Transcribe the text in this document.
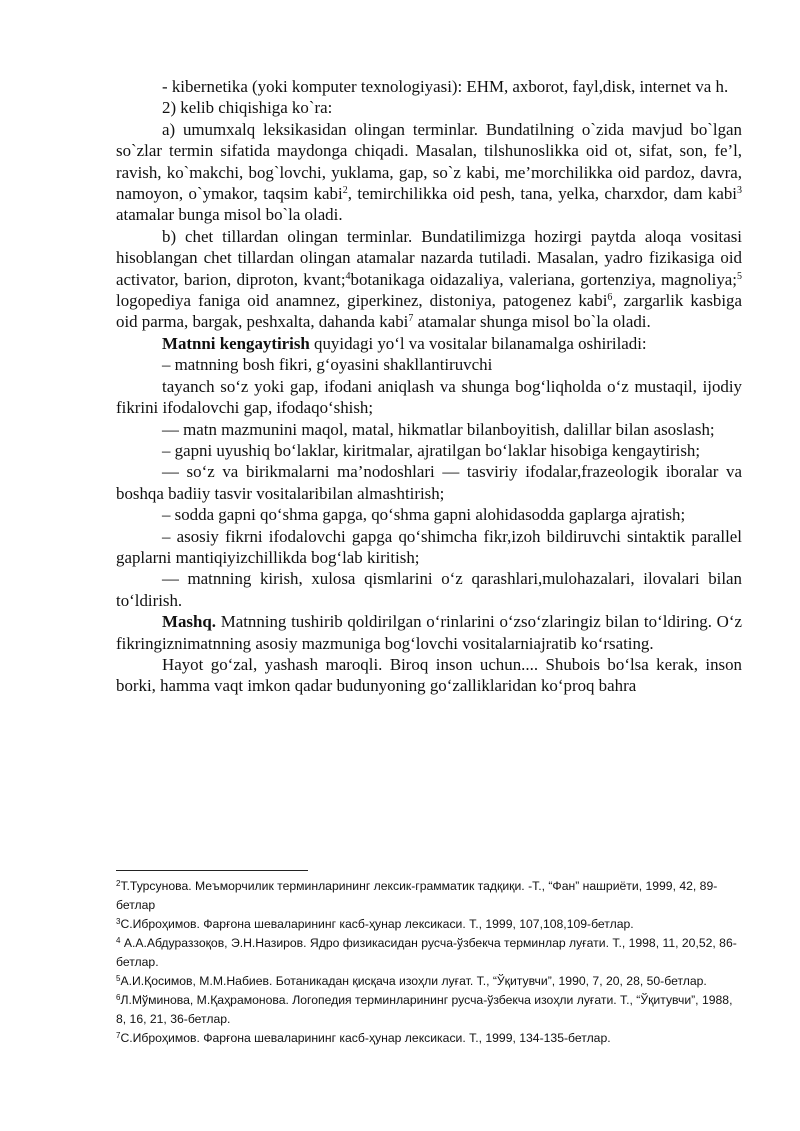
- kibernetika (yoki komputer texnologiyasi): EHM, axborot, fayl,disk, internet va h.

2) kelib chiqishiga ko`ra:

a) umumxalq leksikasidan olingan terminlar. Bundatilning o`zida mavjud bo`lgan so`zlar termin sifatida maydonga chiqadi. Masalan, tilshunoslikka oid ot, sifat, son, fe’l, ravish, ko`makchi, bog`lovchi, yuklama, gap, so`z kabi, me’morchilikka oid pardoz, davra, namoyon, o`ymakor, taqsim kabi$^2$, temirchilikka oid pesh, tana, yelka, charxdor, dam kabi$^3$ atamalar bunga misol bo`la oladi.

b) chet tillardan olingan terminlar. Bundatilimizga hozirgi paytda aloqa vositasi hisoblangan chet tillardan olingan atamalar nazarda tutiladi. Masalan, yadro fizikasiga oid activator, barion, diproton, kvant;$^4$botanikaga oidazaliya, valeriana, gortenziya, magnoliya;$^5$ logopediya faniga oid anamnez, giperkinez, distoniya, patogenez kabi$^6$, zargarlik kasbiga oid parma, bargak, peshxalta, dahanda kabi$^7$ atamalar shunga misol bo`la oladi.

Matnni kengaytirish quyidagi yo‘l va vositalar bilanamalga oshiriladi:

– matnning bosh fikri, g‘oyasini shakllantiruvchi

tayanch so‘z yoki gap, ifodani aniqlash va shunga bog‘liqholda o‘z mustaqil, ijodiy fikrini ifodalovchi gap, ifodaqo‘shish;

— matn mazmunini maqol, matal, hikmatlar bilanboyitish, dalillar bilan asoslash;

– gapni uyushiq bo‘laklar, kiritmalar, ajratilgan bo‘laklar hisobiga kengaytirish;

— so‘z va birikmalarni ma’nodoshlari — tasviriy ifodalar,frazeologik iboralar va boshqa badiiy tasvir vositalaribilan almashtirish;

– sodda gapni qo‘shma gapga, qo‘shma gapni alohidasodda gaplarga ajratish;

– asosiy fikrni ifodalovchi gapga qo‘shimcha fikr,izoh bildiruvchi sintaktik parallel gaplarni mantiqiyizchillikda bog‘lab kiritish;

— matnning kirish, xulosa qismlarini o‘z qarashlari,mulohazalari, ilovalari bilan to‘ldirish.

Mashq. Matnning tushirib qoldirilgan o‘rinlarini o‘zso‘zlaringiz bilan to‘ldiring. O‘z fikringiznimatnning asosiy mazmuniga bog‘lovchi vositalarniajratib ko‘rsating.

Hayot go‘zal, yashash maroqli. Biroq inson uchun.... Shubois bo‘lsa kerak, inson borki, hamma vaqt imkon qadar budunyoning go‘zalliklaridan ko‘proq bahra

$^2$Т.Турсунова. Меъморчилик терминларининг лексик-грамматик тадқиқи. -Т., “Фан” нашриёти, 1999, 42, 89-бетлар

$^3$С.Иброҳимов. Фарғона шеваларининг касб-ҳунар лексикаси. Т., 1999, 107,108,109-бетлар.

$^4$ А.А.Абдураззоқов, Э.Н.Назиров. Ядро физикасидан русча-ўзбекча терминлар луғати. Т., 1998, 11, 20,52, 86-бетлар.

$^5$А.И.Қосимов, М.М.Набиев. Ботаникадан қисқача изоҳли луғат. Т., “Ўқитувчи”, 1990, 7, 20, 28, 50-бетлар.

$^6$Л.Мўминова, М.Қаҳрамонова. Логопедия терминларининг русча-ўзбекча изоҳли луғати. Т., “Ўқитувчи”, 1988, 8, 16, 21, 36-бетлар.

$^7$С.Иброҳимов. Фарғона шеваларининг касб-ҳунар лексикаси. Т., 1999, 134-135-бетлар.
